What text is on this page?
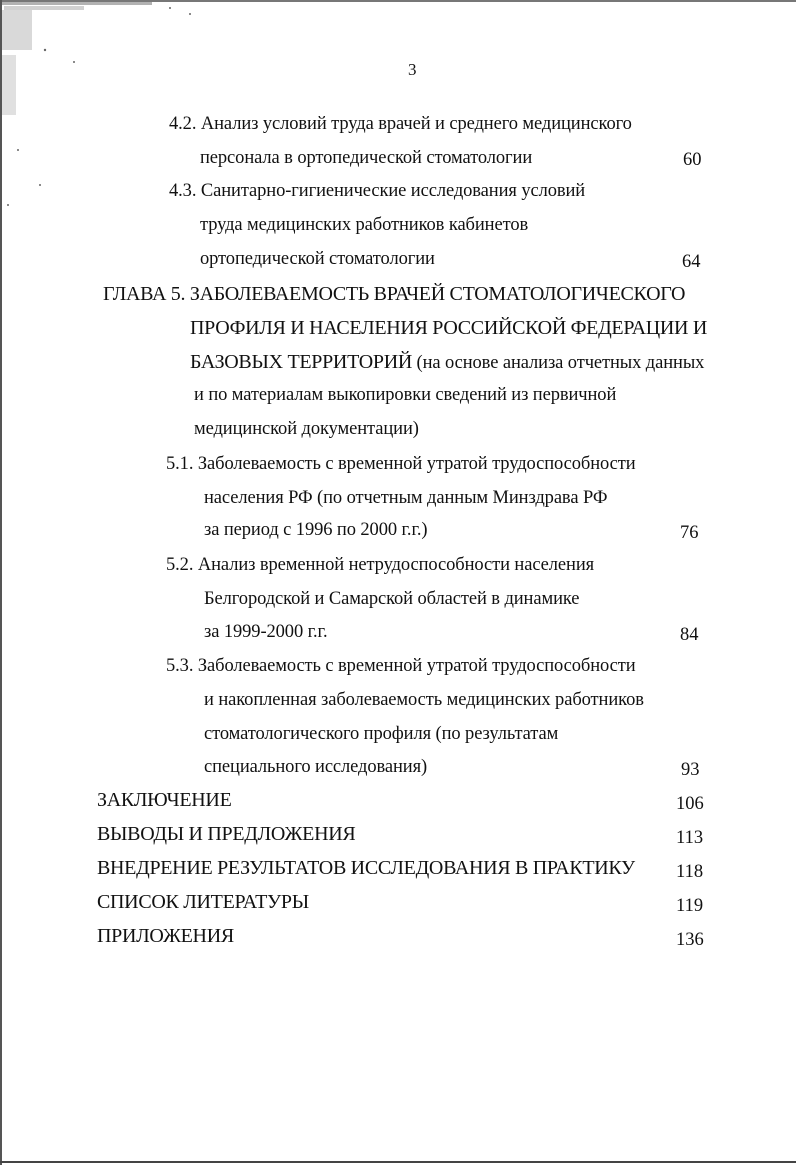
3
4.2. Анализ условий труда врачей и среднего медицинского
персонала в ортопедической стоматологии	60
4.3. Санитарно-гигиенические исследования условий
труда медицинских работников кабинетов
ортопедической стоматологии	64
ГЛАВА 5. ЗАБОЛЕВАЕМОСТЬ ВРАЧЕЙ СТОМАТОЛОГИЧЕСКОГО
ПРОФИЛЯ И НАСЕЛЕНИЯ РОССИЙСКОЙ ФЕДЕРАЦИИ И
БАЗОВЫХ ТЕРРИТОРИЙ (на основе анализа отчетных данных
и по материалам выкопировки сведений из первичной
медицинской документации)
5.1. Заболеваемость с временной утратой трудоспособности
населения РФ (по отчетным данным Минздрава РФ
за период с 1996 по 2000 г.г.)	76
5.2. Анализ временной нетрудоспособности населения
Белгородской и Самарской областей в динамике
за 1999-2000 г.г.	84
5.3. Заболеваемость с временной утратой трудоспособности
и накопленная заболеваемость медицинских работников
стоматологического профиля (по результатам
специального исследования)	93
ЗАКЛЮЧЕНИЕ	106
ВЫВОДЫ И ПРЕДЛОЖЕНИЯ	113
ВНЕДРЕНИЕ РЕЗУЛЬТАТОВ ИССЛЕДОВАНИЯ В ПРАКТИКУ 118
СПИСОК ЛИТЕРАТУРЫ	119
ПРИЛОЖЕНИЯ	136
